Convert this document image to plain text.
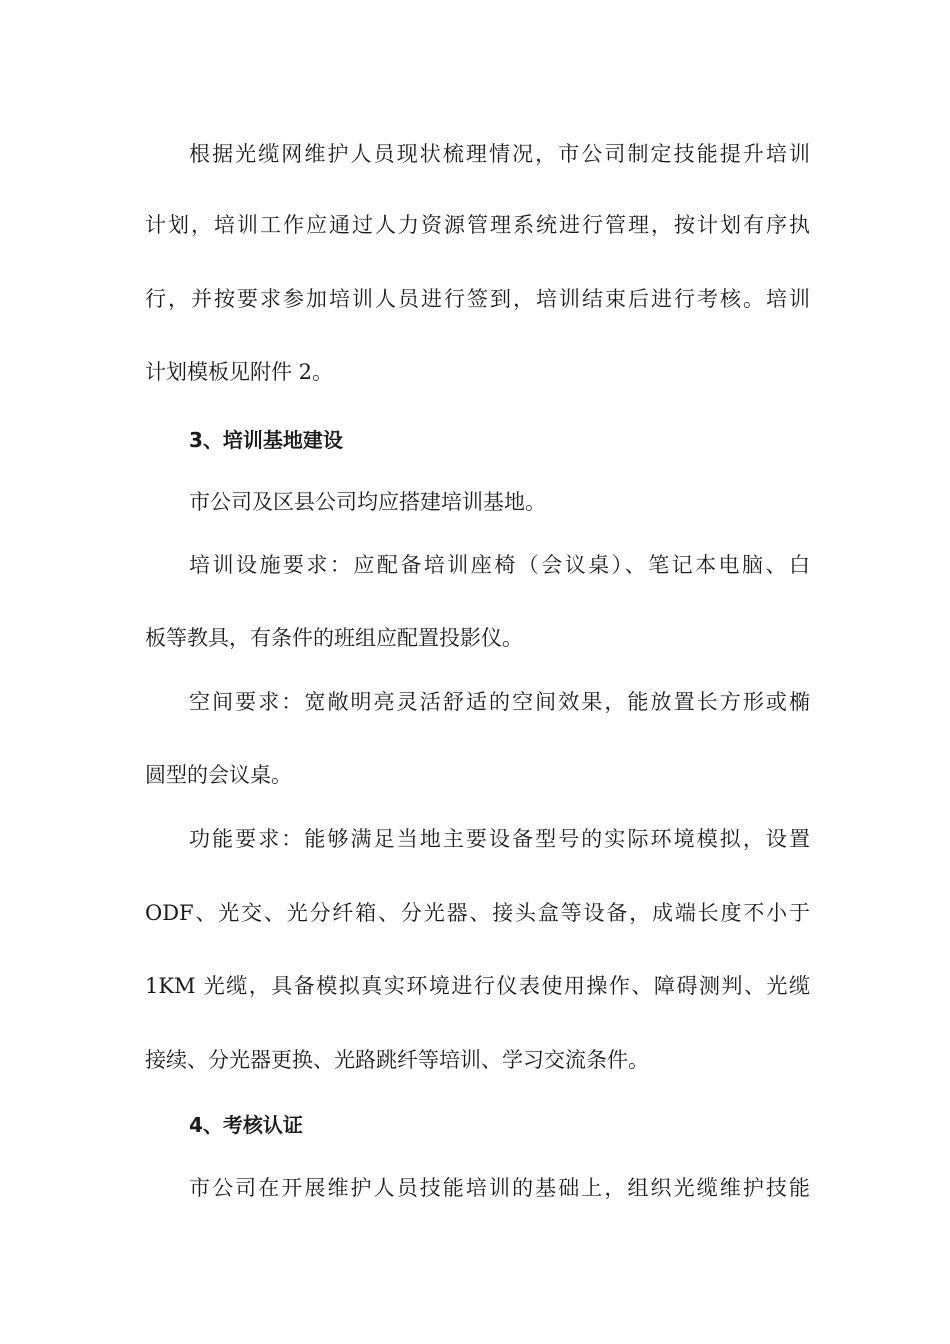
根据光缆网维护人员现状梳理情况，市公司制定技能提升培训
计划，培训工作应通过人力资源管理系统进行管理，按计划有序执
行，并按要求参加培训人员进行签到，培训结束后进行考核。培训
计划模板见附件 2。
3、培训基地建设
市公司及区县公司均应搭建培训基地。
培训设施要求：应配备培训座椅（会议桌）、笔记本电脑、白
板等教具，有条件的班组应配置投影仪。
空间要求：宽敞明亮灵活舒适的空间效果，能放置长方形或椭
圆型的会议桌。
功能要求：能够满足当地主要设备型号的实际环境模拟，设置
ODF、光交、光分纤箱、分光器、接头盒等设备，成端长度不小于
1KM 光缆，具备模拟真实环境进行仪表使用操作、障碍测判、光缆
接续、分光器更换、光路跳纤等培训、学习交流条件。
4、考核认证
市公司在开展维护人员技能培训的基础上，组织光缆维护技能
